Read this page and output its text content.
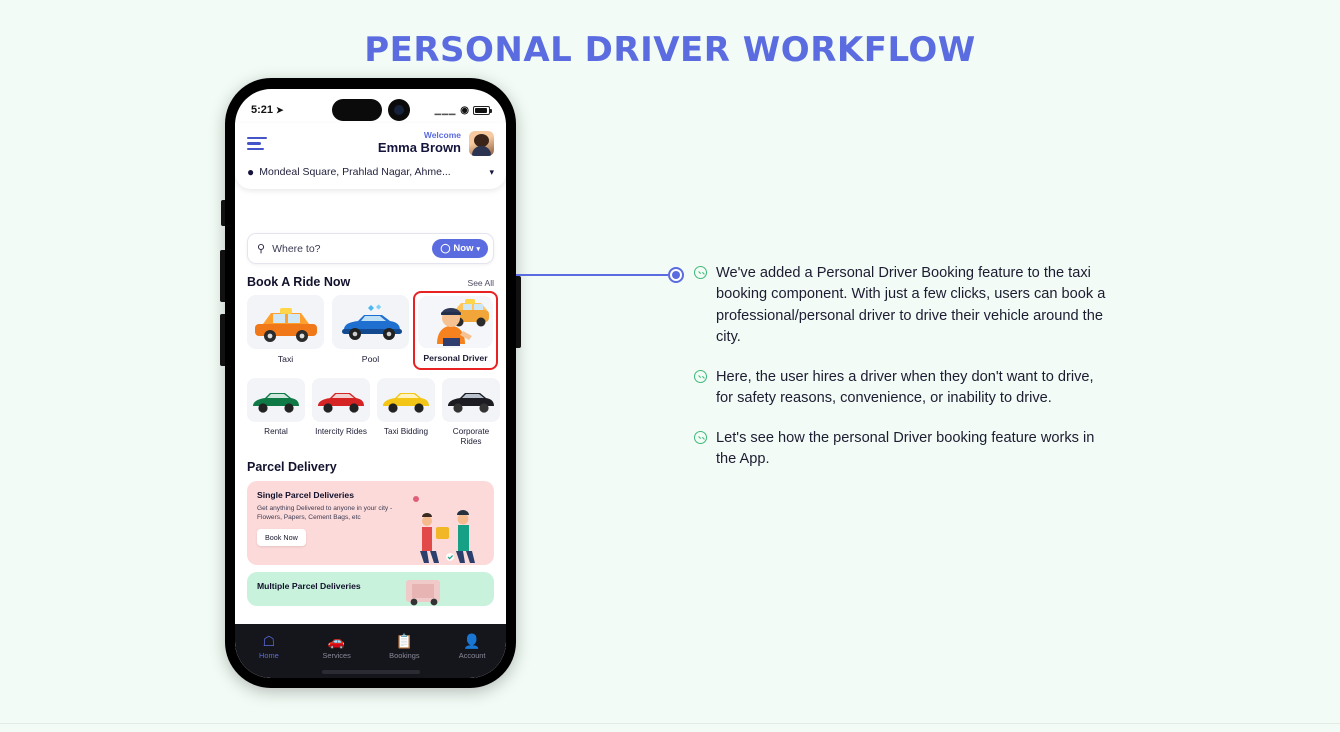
PERSONAL DRIVER WORKFLOW
5:21 ➤	▁▁▁ ◉
Welcome
Emma Brown
● Mondeal Square, Prahlad Nagar, Ahme...	▾
⚲ Where to?	◯ Now ▾
Book A Ride Now	See All
Taxi	Pool	Personal Driver
Rental	Intercity Rides Taxi Bidding	Corporate Rides
Parcel Delivery
Single Parcel Deliveries
Get anything Delivered to anyone in your city - Flowers, Papers, Cement Bags, etc
Book Now
Multiple Parcel Deliveries
☖
Home
🚗
Services
📋
Bookings
👤
Account
We've added a Personal Driver Booking feature to the taxi booking component. With just a few clicks, users can book a professional/personal driver to drive their vehicle around the city.
Here, the user hires a driver when they don't want to drive, for safety reasons, convenience, or inability to drive.
Let's see how the personal Driver booking feature works in the App.
